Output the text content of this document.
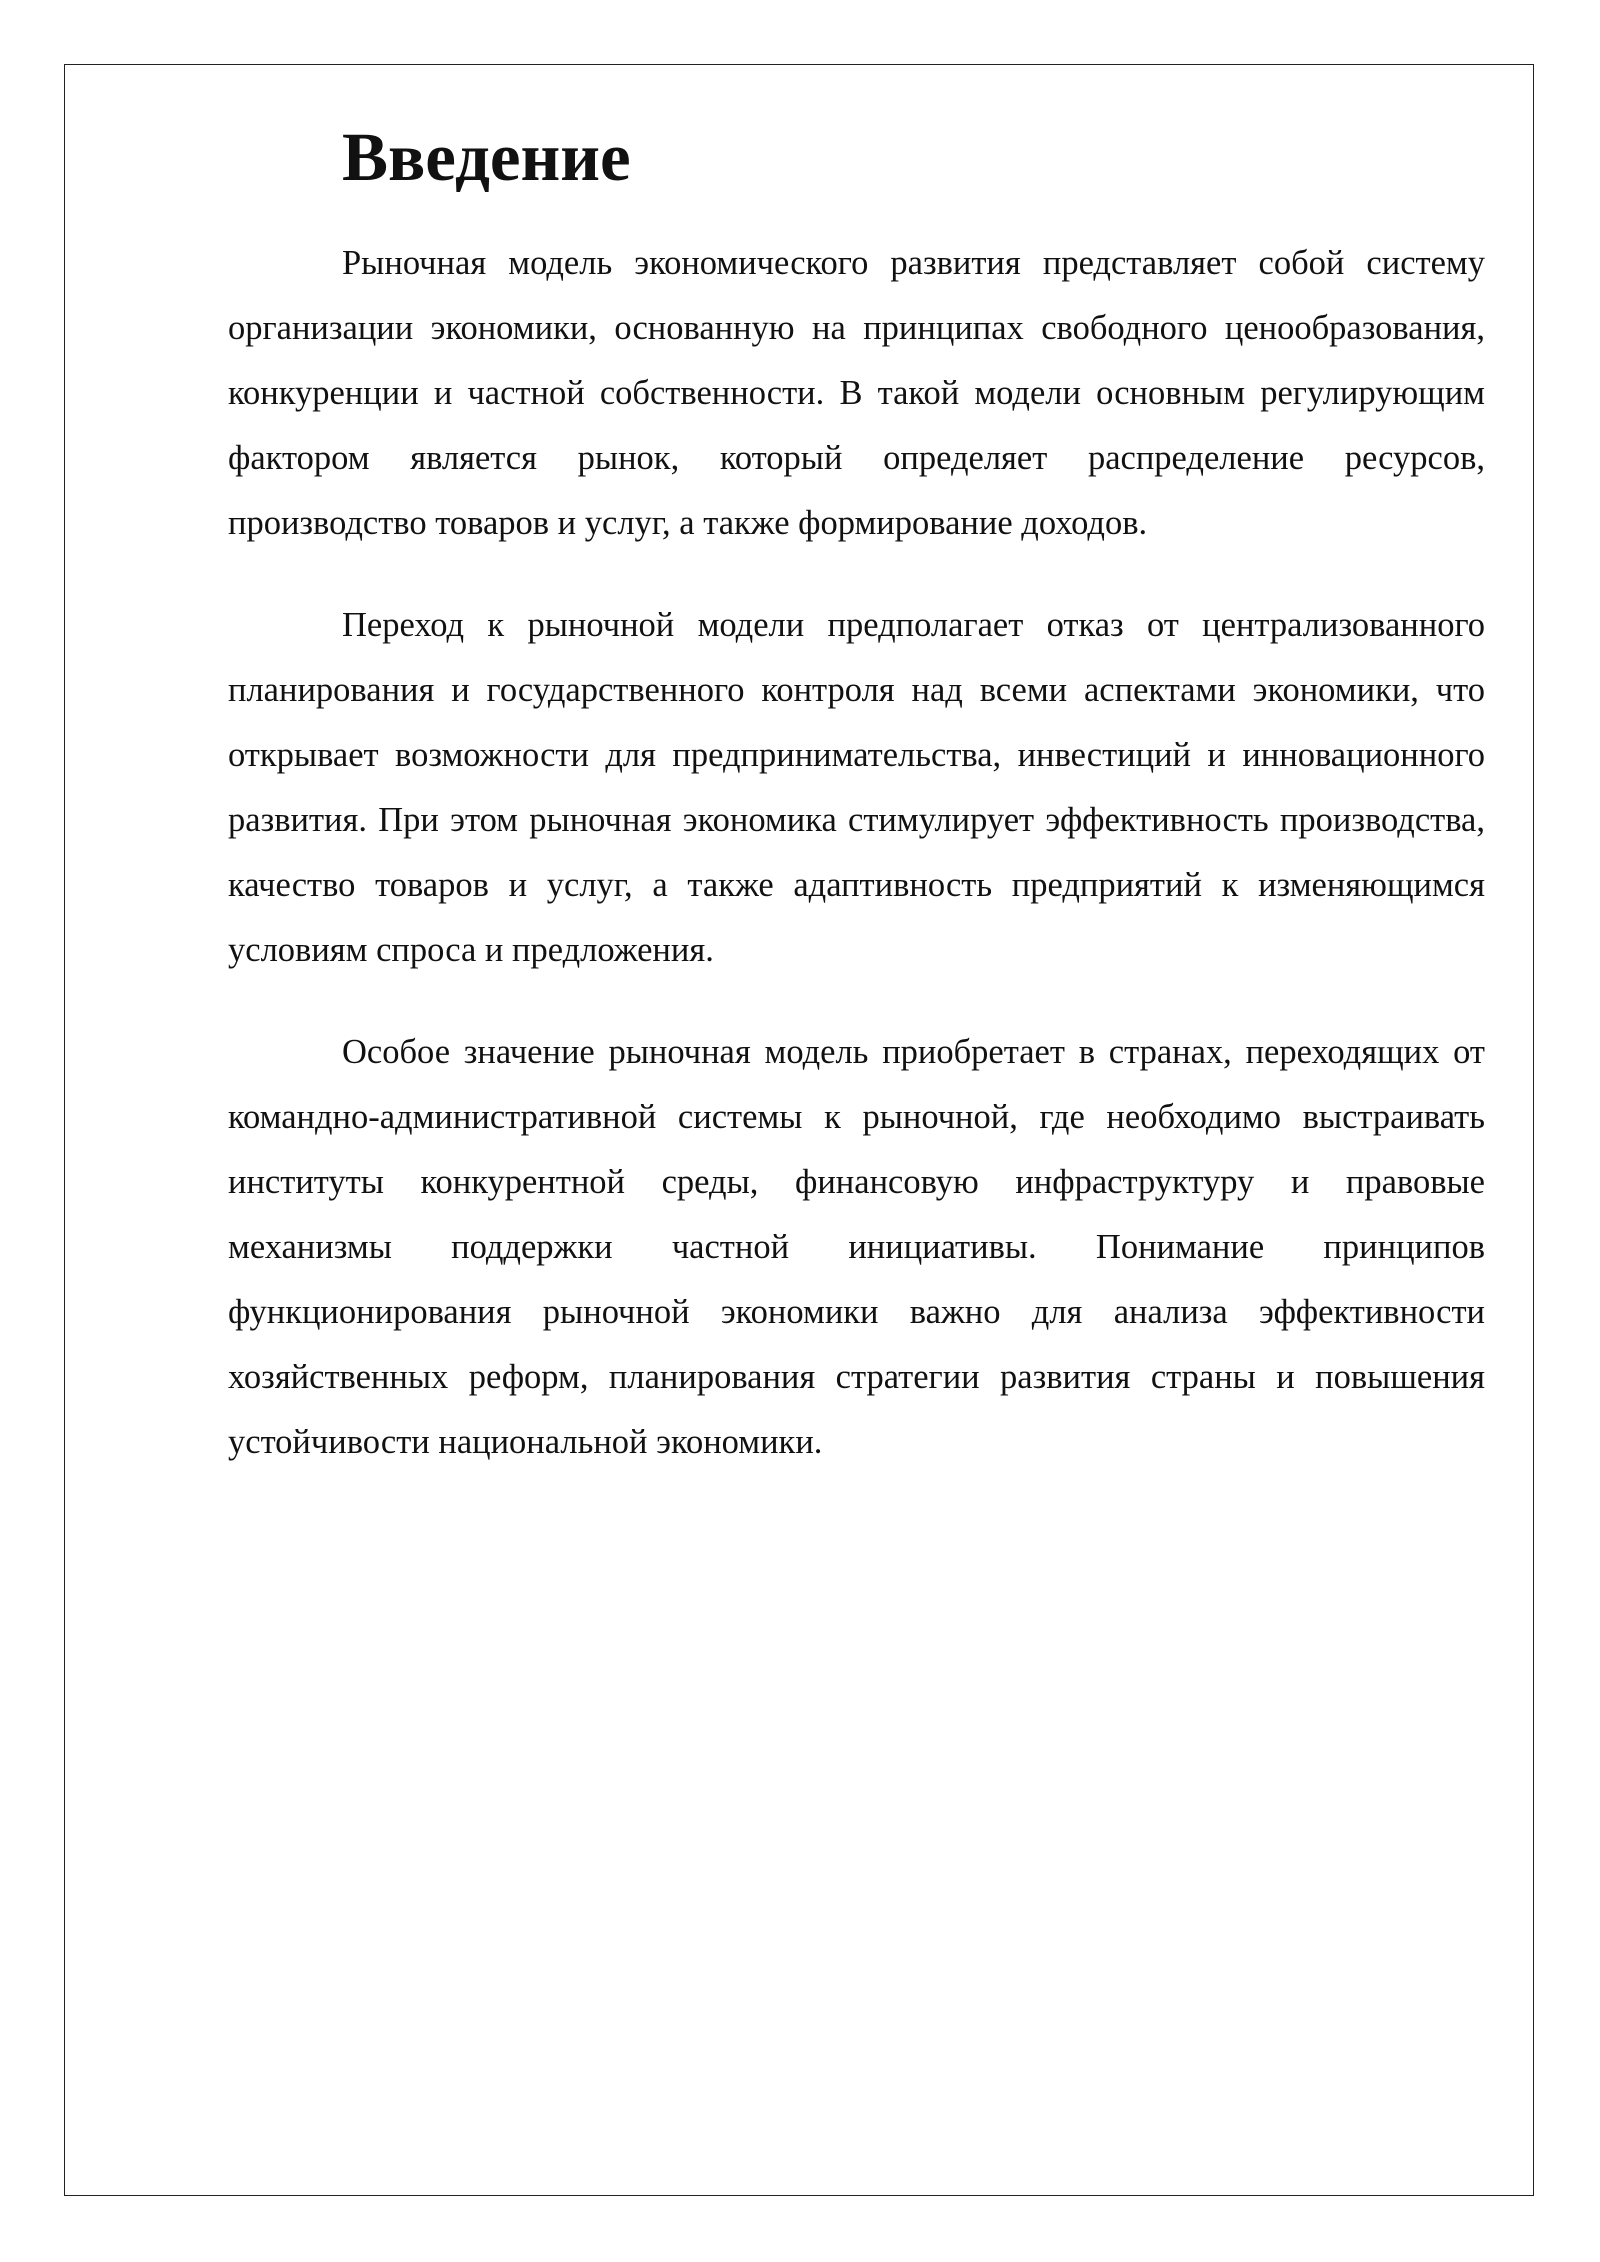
Введение

Рыночная модель экономического развития представляет собой систему организации экономики, основанную на принципах свободного ценообразования, конкуренции и частной собственности. В такой модели основным регулирующим фактором является рынок, который определяет распределение ресурсов, производство товаров и услуг, а также формирование доходов.

Переход к рыночной модели предполагает отказ от централизованного планирования и государственного контроля над всеми аспектами экономики, что открывает возможности для предпринимательства, инвестиций и инновационного развития. При этом рыночная экономика стимулирует эффективность производства, качество товаров и услуг, а также адаптивность предприятий к изменяющимся условиям спроса и предложения.

Особое значение рыночная модель приобретает в странах, переходящих от командно-административной системы к рыночной, где необходимо выстраивать институты конкурентной среды, финансовую инфраструктуру и правовые механизмы поддержки частной инициативы. Понимание принципов функционирования рыночной экономики важно для анализа эффективности хозяйственных реформ, планирования стратегии развития страны и повышения устойчивости национальной экономики.
